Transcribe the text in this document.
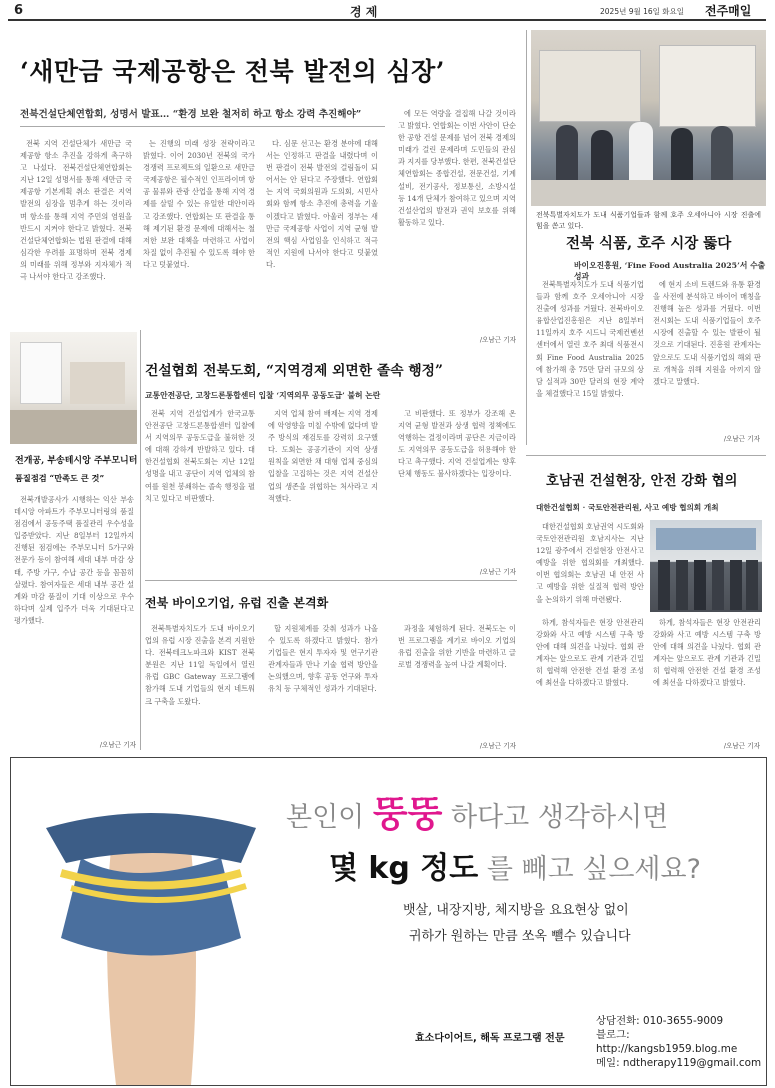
6	경 제	2025년 9월 16일 화요일 전주매일
‘새만금 국제공항은 전북 발전의 심장’
전북건설단체연합회, 성명서 발표… “환경 보완 철저히 하고 항소 강력 추진해야”

전북 지역 건설단체가 새만금 국제공항 항소 추진을 강하게 촉구하고 나섰다. 전북건설단체연합회는 지난 12일 성명서를 통해 새만금 국제공항 기본계획 취소 판결은 지역 발전의 심장을 멈추게 하는 것이라며 항소를 통해 지역 주민의 염원을 반드시 지켜야 한다고 밝혔다. 전북건설단체연합회는 법원 판결에 대해 심각한 우려를 표명하며 전북 경제의 미래를 위해 정부와 지자체가 적극 나서야 한다고 강조했다.

는 진행의 미래 성장 전략이라고 밝혔다. 이어 2030년 전북의 국가경쟁력 프로젝트의 일환으로 새만금 국제공항은 필수적인 인프라이며 항공 물류와 관광 산업을 통해 지역 경제를 살릴 수 있는 유일한 대안이라고 강조했다. 연합회는 또 판결을 통해 제기된 환경 문제에 대해서는 철저한 보완 대책을 마련하고 사업이 차질 없이 추진될 수 있도록 해야 한다고 덧붙였다.

다. 심문 선고는 환경 분야에 대해서는 인정하고 판결을 내렸다며 이번 판결이 전북 발전의 걸림돌이 되어서는 안 된다고 주장했다. 연합회는 지역 국회의원과 도의회, 시민사회와 함께 항소 추진에 총력을 기울이겠다고 밝혔다. 아울러 정부는 새만금 국제공항 사업이 지역 균형 발전의 핵심 사업임을 인식하고 적극적인 지원에 나서야 한다고 덧붙였다.

에 모든 역량을 결집해 나갈 것이라고 밝혔다. 연합회는 이번 사안이 단순한 공항 건설 문제를 넘어 전북 경제의 미래가 걸린 문제라며 도민들의 관심과 지지를 당부했다. 한편, 전북건설단체연합회는 종합건설, 전문건설, 기계설비, 전기공사, 정보통신, 소방시설 등 14개 단체가 참여하고 있으며 지역 건설산업의 발전과 권익 보호를 위해 활동하고 있다.

/오남근 기자
전북특별자치도가 도내 식품기업들과 함께 호주 오세아니아 시장 진출에 힘을 쏟고 있다.
전북 식품, 호주 시장 뚫다
바이오진흥원, ‘Fine Food Australia 2025’서 수출 성과

전북특별자치도가 도내 식품기업들과 함께 호주 오세아니아 시장 진출에 성과를 거뒀다. 전북바이오융합산업진흥원은 지난 8일부터 11일까지 호주 시드니 국제컨벤션센터에서 열린 호주 최대 식품전시회 Fine Food Australia 2025에 참가해 총 75만 달러 규모의 상담 실적과 30만 달러의 현장 계약을 체결했다고 15일 밝혔다.

에 현지 소비 트렌드와 유통 환경을 사전에 분석하고 바이어 매칭을 진행해 높은 성과를 거뒀다. 이번 전시회는 도내 식품기업들이 호주 시장에 진출할 수 있는 발판이 될 것으로 기대된다. 진흥원 관계자는 앞으로도 도내 식품기업의 해외 판로 개척을 위해 지원을 아끼지 않겠다고 말했다.

/오남근 기자
전개공, 부송테시앙 주부모니터
품질점검 “만족도 큰 것”

전북개발공사가 시행하는 익산 부송데시앙 아파트가 주부모니터링의 품질 점검에서 공동주택 품질관리 우수성을 입증받았다. 지난 8일부터 12일까지 진행된 점검에는 주부모니터 5가구와 전문가 등이 참여해 세대 내부 마감 상태, 주방 가구, 수납 공간 등을 꼼꼼히 살폈다. 참여자들은 세대 내부 공간 설계와 마감 품질이 기대 이상으로 우수하다며 실제 입주가 더욱 기대된다고 평가했다.

/오남근 기자
건설협회 전북도회, “지역경제 외면한 졸속 행정”
교통안전공단, 고창드론통합센터 입찰 ‘지역의무 공동도급’ 불허 논란

전북 지역 건설업계가 한국교통안전공단 고창드론통합센터 입찰에서 지역의무 공동도급을 불허한 것에 대해 강하게 반발하고 있다. 대한건설협회 전북도회는 지난 12일 성명을 내고 공단이 지역 업체의 참여를 원천 봉쇄하는 졸속 행정을 펼치고 있다고 비판했다.

지역 업체 참여 배제는 지역 경제에 악영향을 미칠 수밖에 없다며 발주 방식의 재검토를 강력히 요구했다. 도회는 공공기관이 지역 상생 원칙을 외면한 채 대형 업체 중심의 입찰을 고집하는 것은 지역 건설산업의 생존을 위협하는 처사라고 지적했다.

고 비판했다. 또 정부가 강조해 온 지역 균형 발전과 상생 협력 정책에도 역행하는 결정이라며 공단은 지금이라도 지역의무 공동도급을 허용해야 한다고 촉구했다. 지역 건설업계는 향후 단체 행동도 불사하겠다는 입장이다.

/오남근 기자
전북 바이오기업, 유럽 진출 본격화

전북특별자치도가 도내 바이오기업의 유럽 시장 진출을 본격 지원한다. 전북테크노파크와 KIST 전북분원은 지난 11일 독일에서 열린 유럽 GBC Gateway 프로그램에 참가해 도내 기업들의 현지 네트워크 구축을 도왔다.

할 지원체계를 갖춰 성과가 나올 수 있도록 하겠다고 밝혔다. 참가 기업들은 현지 투자자 및 연구기관 관계자들과 만나 기술 협력 방안을 논의했으며, 향후 공동 연구와 투자 유치 등 구체적인 성과가 기대된다.

과정을 체험하게 된다. 전북도는 이번 프로그램을 계기로 바이오 기업의 유럽 진출을 위한 기반을 마련하고 글로벌 경쟁력을 높여 나갈 계획이다.

/오남근 기자
호남권 건설현장, 안전 강화 협의
대한건설협회 · 국토안전관리원, 사고 예방 협의회 개최

대한건설협회 호남권역 시도회와 국토안전관리원 호남지사는 지난 12일 광주에서 건설현장 안전사고 예방을 위한 협의회를 개최했다. 이번 협의회는 호남권 내 안전 사고 예방을 위한 실질적 협력 방안을 논의하기 위해 마련됐다.

하게, 참석자들은 현장 안전관리 강화와 사고 예방 시스템 구축 방안에 대해 의견을 나눴다. 협회 관계자는 앞으로도 관계 기관과 긴밀히 협력해 안전한 건설 환경 조성에 최선을 다하겠다고 밝혔다.

하게, 참석자들은 현장 안전관리 강화와 사고 예방 시스템 구축 방안에 대해 의견을 나눴다. 협회 관계자는 앞으로도 관계 기관과 긴밀히 협력해 안전한 건설 환경 조성에 최선을 다하겠다고 밝혔다.

/오남근 기자
본인이 뚱뚱 하다고 생각하시면
몇 kg 정도 를 빼고 싶으세요?
뱃살, 내장지방, 체지방을 요요현상 없이
귀하가 원하는 만큼 쏘옥 뺄수 있습니다
상담전화: 010-3655-9009
블로그: http://kangsb1959.blog.me
메일: ndtherapy119@gmail.com
효소다이어트, 해독 프로그램 전문
